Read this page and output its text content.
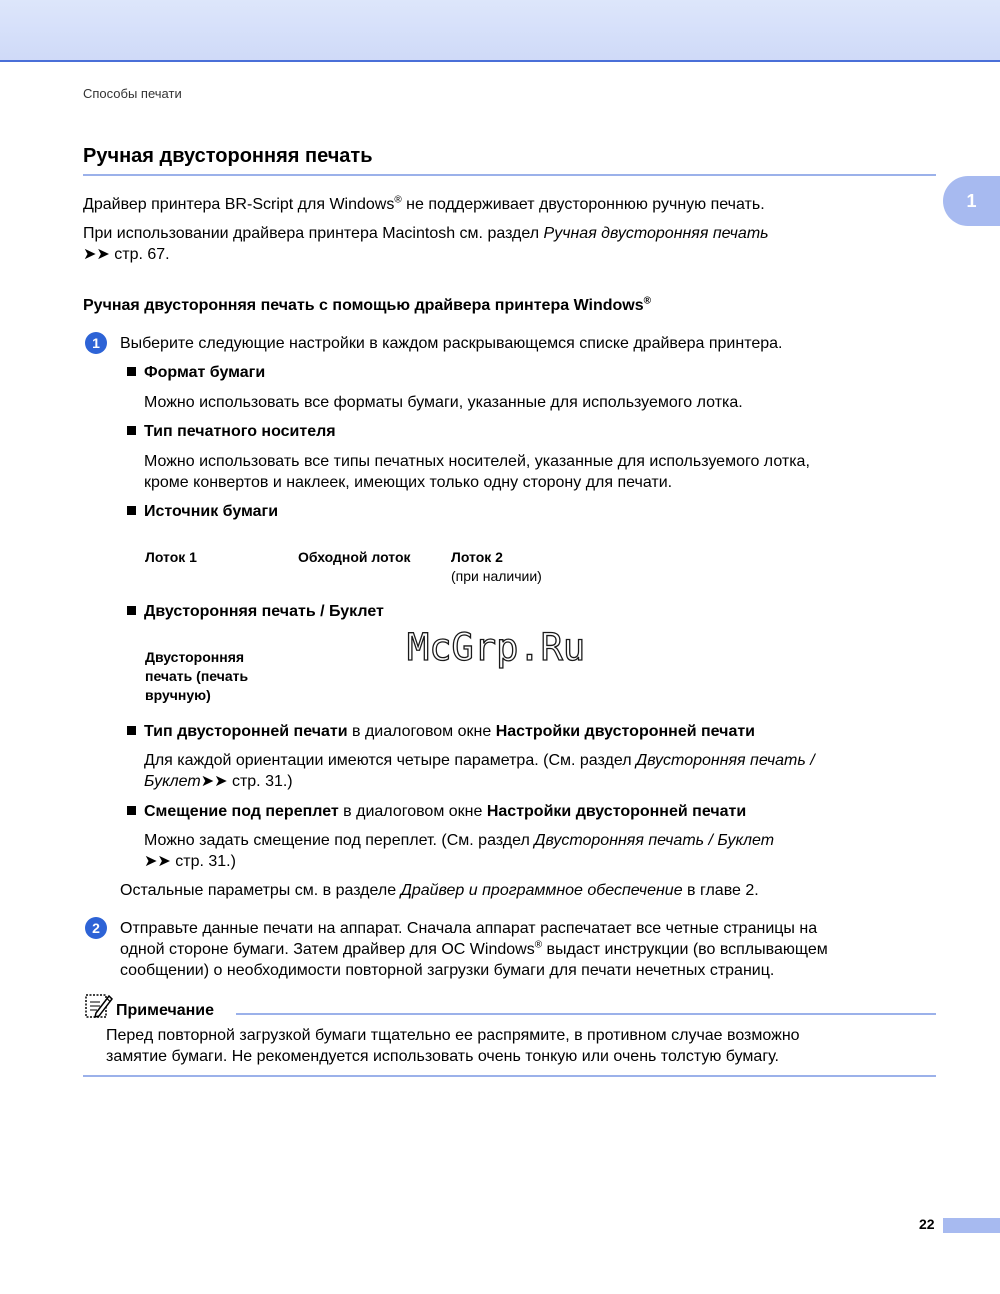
Способы печати
Ручная двусторонняя печать
1
Драйвер принтера BR-Script для Windows® не поддерживает двустороннюю ручную печать.
При использовании драйвера принтера Macintosh см. раздел Ручная двусторонняя печать
➤➤ стр. 67.
Ручная двусторонняя печать с помощью драйвера принтера Windows®
1	Выберите следующие настройки в каждом раскрывающемся списке драйвера принтера.
Формат бумаги
Можно использовать все форматы бумаги, указанные для используемого лотка.
Тип печатного носителя
Можно использовать все типы печатных носителей, указанные для используемого лотка,
кроме конвертов и наклеек, имеющих только одну сторону для печати.
Источник бумаги
Лоток 1	Обходной лоток	Лоток 2
(при наличии)
Двусторонняя печать / Буклет
Двусторонняя
печать (печать
вручную)
Тип двусторонней печати в диалоговом окне Настройки двусторонней печати
Для каждой ориентации имеются четыре параметра. (См. раздел Двусторонняя печать /
Буклет➤➤ стр. 31.)
Смещение под переплет в диалоговом окне Настройки двусторонней печати
Можно задать смещение под переплет. (См. раздел Двусторонняя печать / Буклет
➤➤ стр. 31.)
Остальные параметры см. в разделе Драйвер и программное обеспечение в главе 2.
2	Отправьте данные печати на аппарат. Сначала аппарат распечатает все четные страницы на
одной стороне бумаги. Затем драйвер для ОС Windows® выдаст инструкции (во всплывающем
сообщении) о необходимости повторной загрузки бумаги для печати нечетных страниц.
Примечание
Перед повторной загрузкой бумаги тщательно ее распрямите, в противном случае возможно
замятие бумаги. Не рекомендуется использовать очень тонкую или очень толстую бумагу.
McGrp.Ru
22
